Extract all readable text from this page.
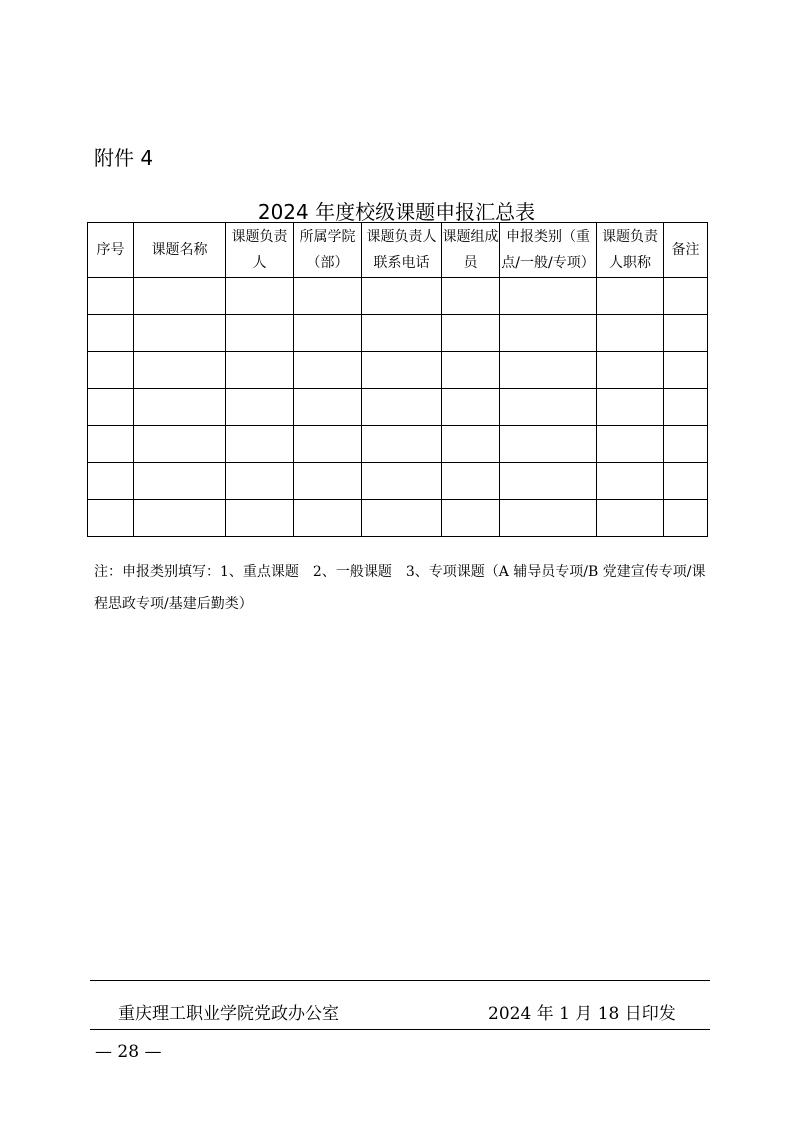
附件 4
2024 年度校级课题申报汇总表
序号	课题名称	课题负责人	所属学院（部）	课题负责人联系电话	课题组成员	申报类别（重点/一般/专项）	课题负责人职称	备注

注：申报类别填写：1、重点课题　2、一般课题　3、专项课题（A 辅导员专项/B 党建宣传专项/课程思政专项/基建后勤类）
重庆理工职业学院党政办公室	2024 年 1 月 18 日印发
— 28 —
